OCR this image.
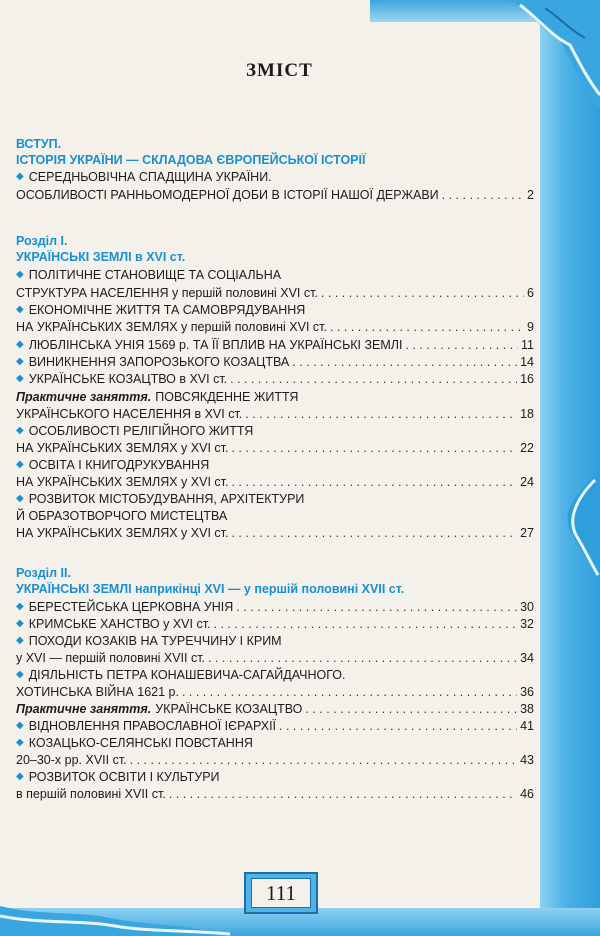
ЗМІСТ
ВСТУП.
ІСТОРІЯ УКРАЇНИ — СКЛАДОВА ЄВРОПЕЙСЬКОЇ ІСТОРІЇ
◆ СЕРЕДНЬОВІЧНА СПАДЩИНА УКРАЇНИ.
ОСОБЛИВОСТІ РАННЬОМОДЕРНОЇ ДОБИ В ІСТОРІЇ НАШОЇ ДЕРЖАВИ . . .	2
Розділ І.
УКРАЇНСЬКІ ЗЕМЛІ в XVI ст.
◆ ПОЛІТИЧНЕ СТАНОВИЩЕ ТА СОЦІАЛЬНА
СТРУКТУРА НАСЕЛЕННЯ у першій половині XVI ст. . . .	6
◆ ЕКОНОМІЧНЕ ЖИТТЯ ТА САМОВРЯДУВАННЯ
НА УКРАЇНСЬКИХ ЗЕМЛЯХ у першій половині XVI ст. . . .	9
◆ ЛЮБЛІНСЬКА УНІЯ 1569 р. ТА ЇЇ ВПЛИВ НА УКРАЇНСЬКІ ЗЕМЛІ . . .	11
◆ ВИНИКНЕННЯ ЗАПОРОЗЬКОГО КОЗАЦТВА . . .	14
◆ УКРАЇНСЬКЕ КОЗАЦТВО в XVI ст. . . .	16
Практичне заняття. ПОВСЯКДЕННЕ ЖИТТЯ
УКРАЇНСЬКОГО НАСЕЛЕННЯ в XVI ст. . . .	18
◆ ОСОБЛИВОСТІ РЕЛІГІЙНОГО ЖИТТЯ
НА УКРАЇНСЬКИХ ЗЕМЛЯХ у XVI ст. . . .	22
◆ ОСВІТА І КНИГОДРУКУВАННЯ
НА УКРАЇНСЬКИХ ЗЕМЛЯХ у XVI ст. . . .	24
◆ РОЗВИТОК МІСТОБУДУВАННЯ, АРХІТЕКТУРИ
Й ОБРАЗОТВОРЧОГО МИСТЕЦТВА
НА УКРАЇНСЬКИХ ЗЕМЛЯХ у XVI ст. . . .	27
Розділ ІІ.
УКРАЇНСЬКІ ЗЕМЛІ наприкінці XVI — у першій половині XVII ст.
◆ БЕРЕСТЕЙСЬКА ЦЕРКОВНА УНІЯ . . .	30
◆ КРИМСЬКЕ ХАНСТВО у XVI ст. . . .	32
◆ ПОХОДИ КОЗАКІВ НА ТУРЕЧЧИНУ І КРИМ
у XVI — першій половині XVII ст. . . .	34
◆ ДІЯЛЬНІСТЬ ПЕТРА КОНАШЕВИЧА-САГАЙДАЧНОГО.
ХОТИНСЬКА ВІЙНА 1621 р. . . .	36
Практичне заняття. УКРАЇНСЬКЕ КОЗАЦТВО . . .	38
◆ ВІДНОВЛЕННЯ ПРАВОСЛАВНОЇ ІЄРАРХІЇ . . .	41
◆ КОЗАЦЬКО-СЕЛЯНСЬКІ ПОВСТАННЯ
20–30-х рр. XVII ст. . . .	43
◆ РОЗВИТОК ОСВІТИ І КУЛЬТУРИ
в першій половині XVII ст. . . .	46
111
